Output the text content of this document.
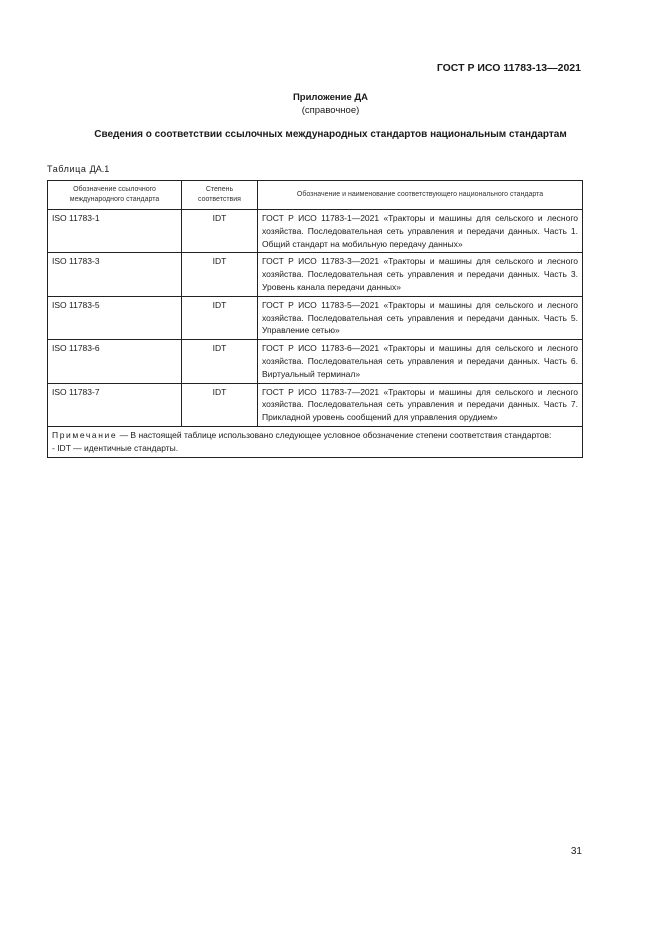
ГОСТ Р ИСО 11783-13—2021
Приложение ДА
(справочное)
Сведения о соответствии ссылочных международных стандартов национальным стандартам
Таблица ДА.1
Обозначение ссылочного международного стандарта	Степень соответствия	Обозначение и наименование соответствующего национального стандарта
ISO 11783-1	IDT	ГОСТ Р ИСО 11783-1—2021 «Тракторы и машины для сельского и лесного хозяйства. Последовательная сеть управления и передачи данных. Часть 1. Общий стандарт на мобильную передачу данных»
ISO 11783-3	IDT	ГОСТ Р ИСО 11783-3—2021 «Тракторы и машины для сельского и лесного хозяйства. Последовательная сеть управления и передачи данных. Часть 3. Уровень канала передачи данных»
ISO 11783-5	IDT	ГОСТ Р ИСО 11783-5—2021 «Тракторы и машины для сельского и лесного хозяйства. Последовательная сеть управления и передачи данных. Часть 5. Управление сетью»
ISO 11783-6	IDT	ГОСТ Р ИСО 11783-6—2021 «Тракторы и машины для сельского и лесного хозяйства. Последовательная сеть управления и передачи данных. Часть 6. Виртуальный терминал»
ISO 11783-7	IDT	ГОСТ Р ИСО 11783-7—2021 «Тракторы и машины для сельского и лесного хозяйства. Последовательная сеть управления и передачи данных. Часть 7. Прикладной уровень сообщений для управления орудием»
Примечание — В настоящей таблице использовано следующее условное обозначение степени соответствия стандартов:
- IDT — идентичные стандарты.		
31
